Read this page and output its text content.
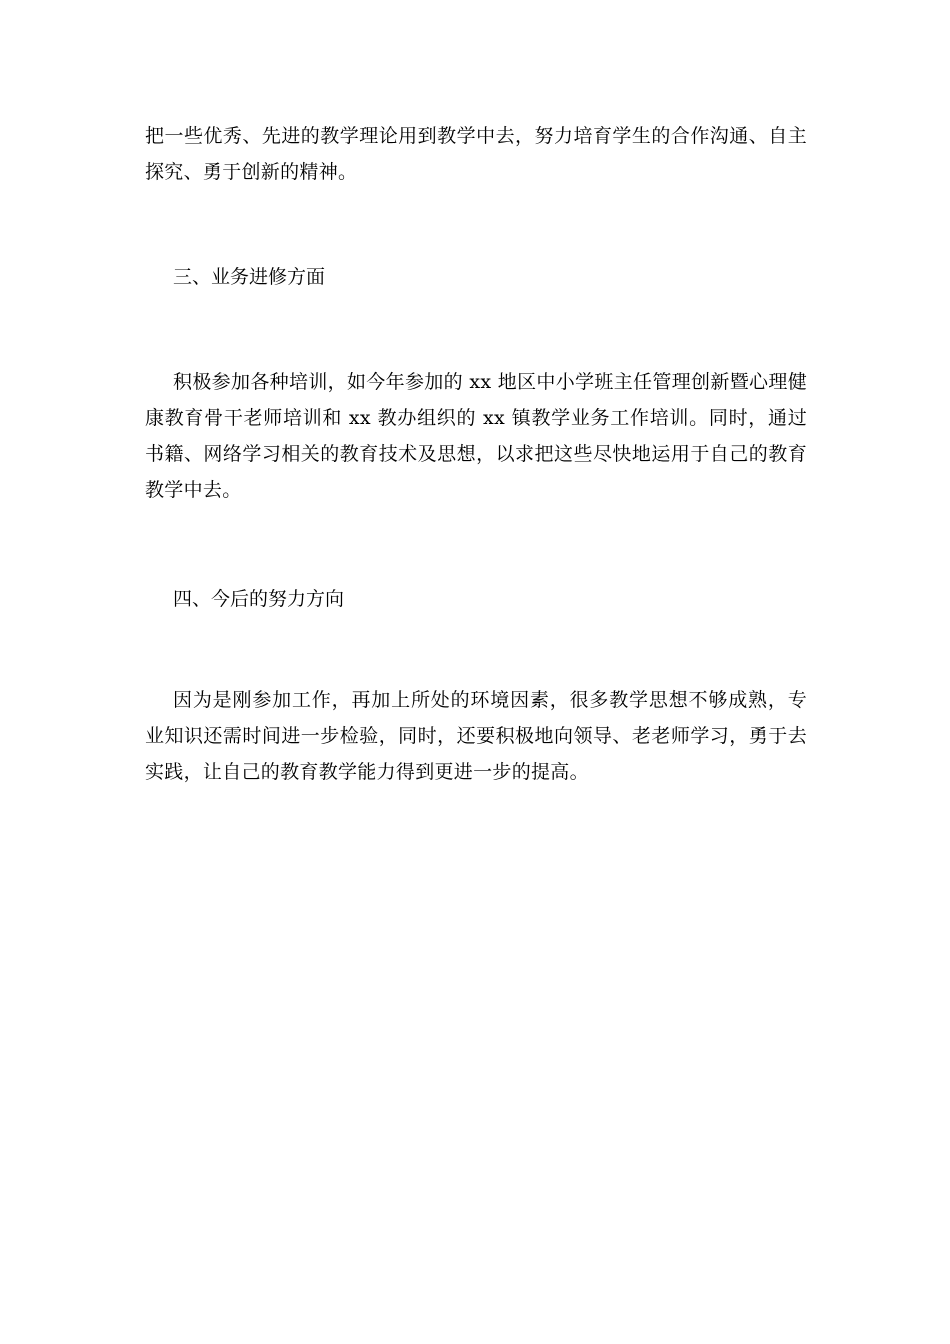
把一些优秀、先进的教学理论用到教学中去，努力培育学生的合作沟通、自主探究、勇于创新的精神。

三、业务进修方面

积极参加各种培训，如今年参加的 xx 地区中小学班主任管理创新暨心理健康教育骨干老师培训和 xx 教办组织的 xx 镇教学业务工作培训。同时，通过书籍、网络学习相关的教育技术及思想，以求把这些尽快地运用于自己的教育教学中去。

四、今后的努力方向

因为是刚参加工作，再加上所处的环境因素，很多教学思想不够成熟，专业知识还需时间进一步检验，同时，还要积极地向领导、老老师学习，勇于去实践，让自己的教育教学能力得到更进一步的提高。
